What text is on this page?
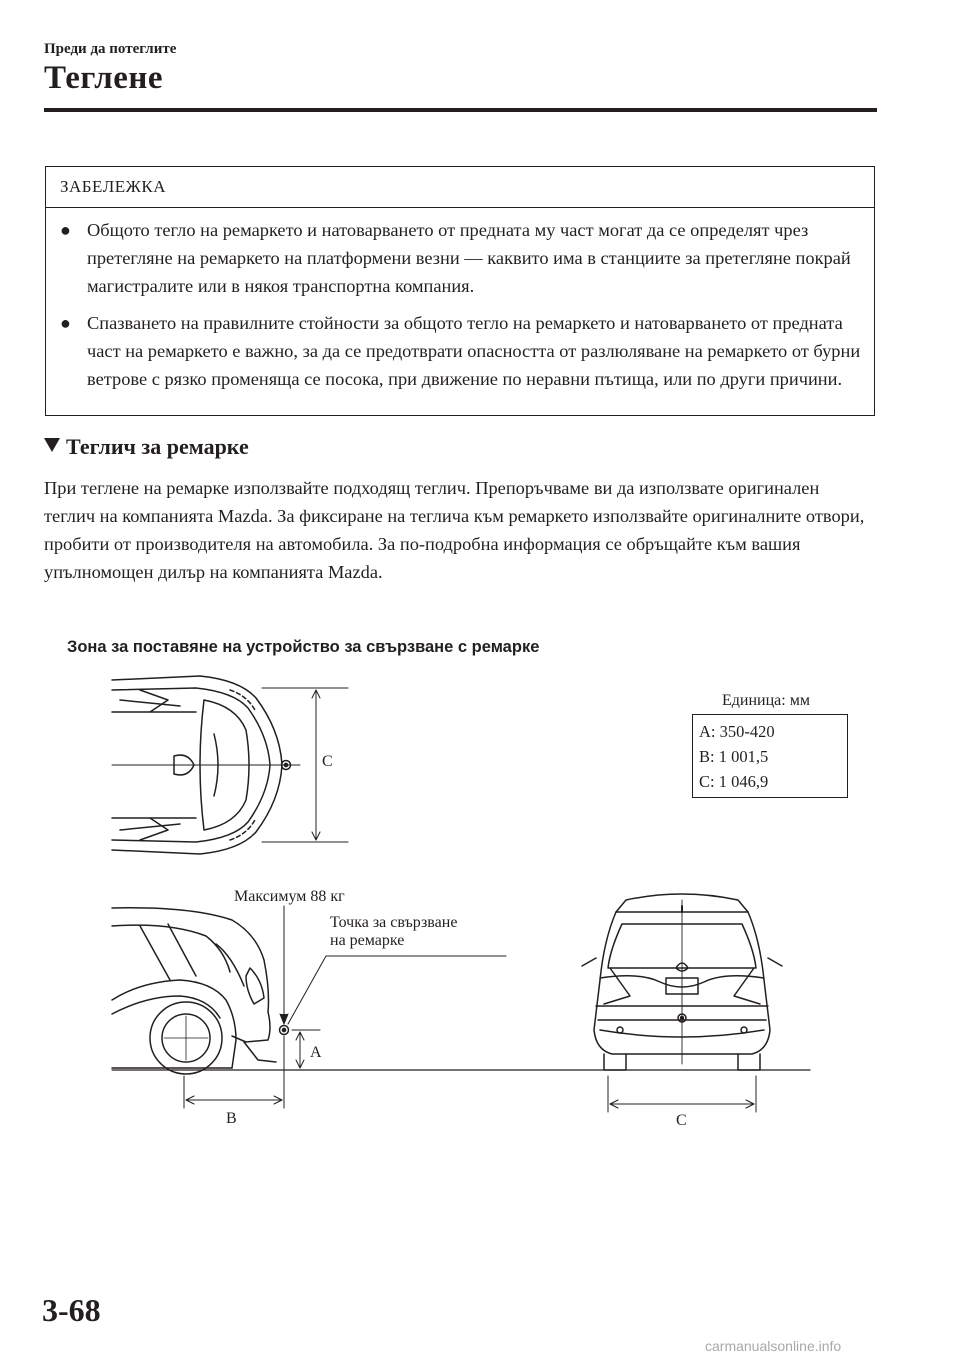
Преди да потеглите
Теглене
ЗАБЕЛЕЖКА
● Общото тегло на ремаркето и натоварването от предната му част могат да се определят чрез претегляне на ремаркето на платформени везни — каквито има в станциите за претегляне покрай магистралите или в някоя транспортна компания.
● Спазването на правилните стойности за общото тегло на ремаркето и натоварването от предната част на ремаркето е важно, за да се предотврати опасността от разлюляване на ремаркето от бурни ветрове с рязко променяща се посока, при движение по неравни пътища, или по други причини.
Теглич за ремарке
При теглене на ремарке използвайте подходящ теглич. Препоръчваме ви да използвате оригинален теглич на компанията Mazda. За фиксиране на теглича към ремаркето използвайте оригиналните отвори, пробити от производителя на автомобила. За по-подробна информация се обръщайте към вашия упълномощен дилър на компанията Mazda.
Зона за поставяне на устройство за свързване с ремарке
Единица: мм
A: 350-420
B: 1 001,5
C: 1 046,9
C
Максимум 88 кг
Точка за свързване
на ремарке
A
B	C
3-68
carmanualsonline.info
